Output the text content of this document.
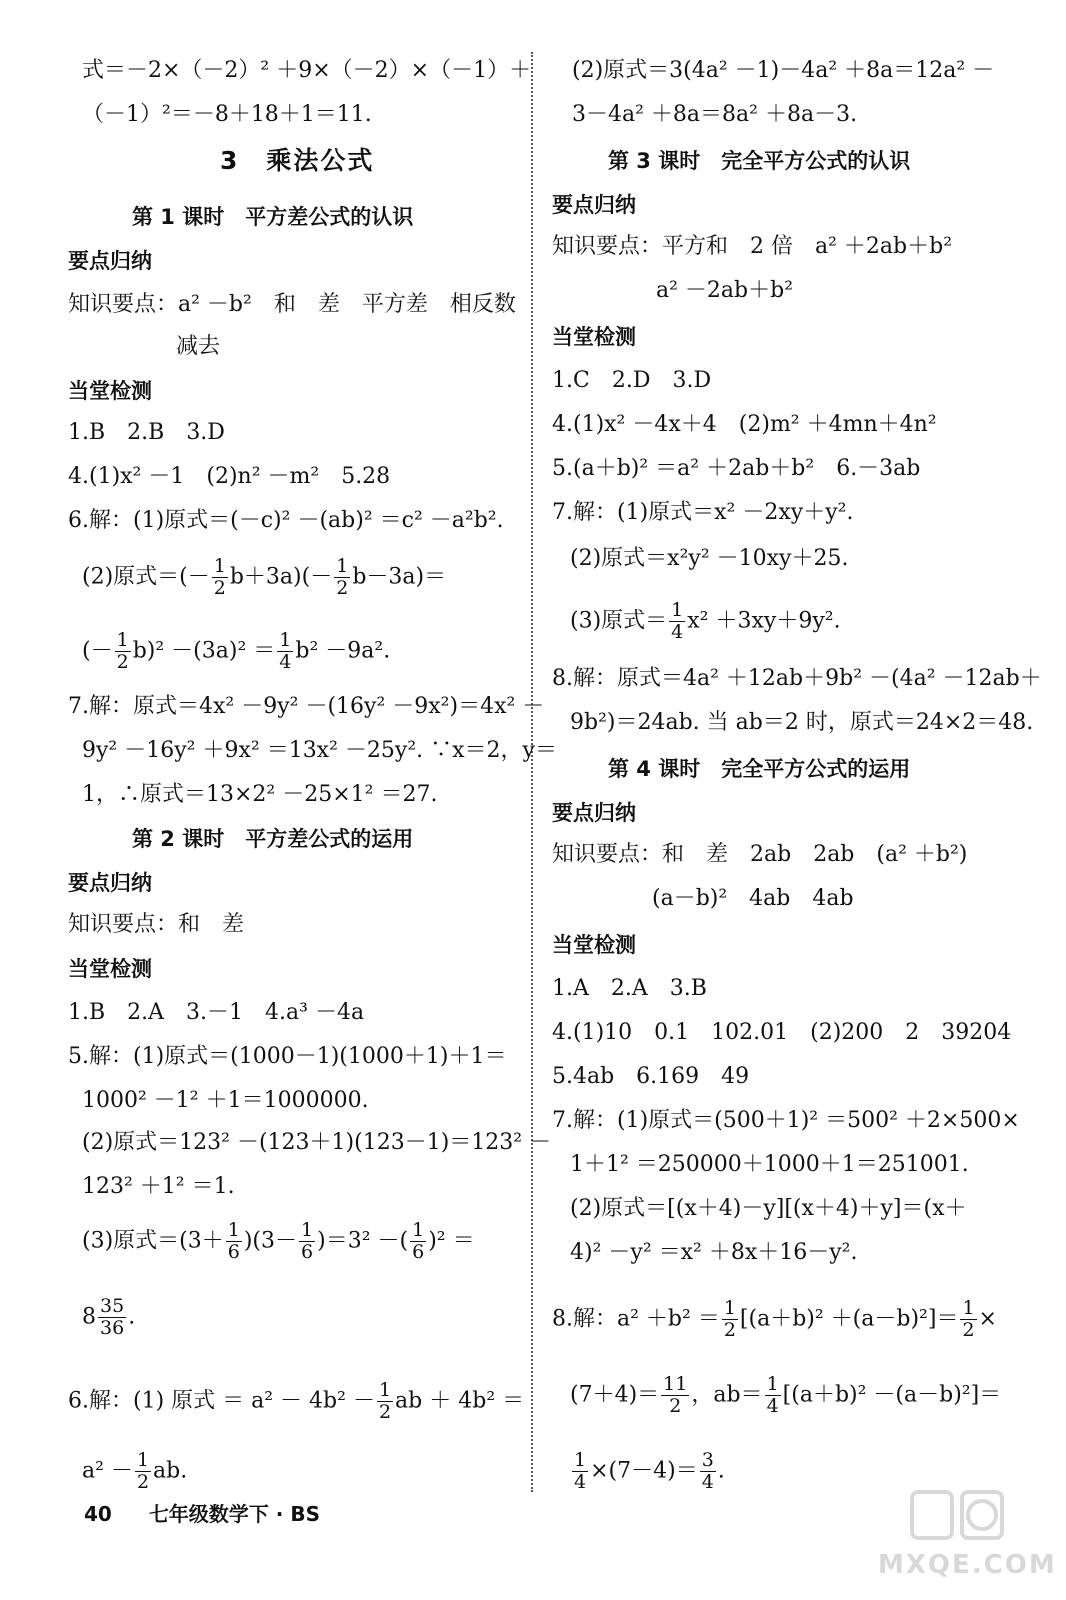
式＝－2×（－2）² ＋9×（－2）×（－1）＋
（－1）²＝－8＋18＋1＝11.
3　乘法公式
第 1 课时　平方差公式的认识
要点归纳
知识要点：a² －b²　和　差　平方差　相反数
减去
当堂检测
1.B　2.B　3.D
4.(1)x² －1　(2)n² －m²　5.28
6.解：(1)原式＝(－c)² －(ab)² ＝c² －a²b².
(2)原式＝(－ $\frac{1}{2} b+3a)(- \frac{1}{2} b-3a)=$
(－ $\frac{1}{2} b)^2 -(3a)^2 = \frac{1}{4} b^2 -9a^2$.
7.解：原式＝4x² －9y² －(16y² －9x²)＝4x² －
9y² －16y² ＋9x² ＝13x² －25y². ∵x＝2，y＝
1，∴原式＝13×2² －25×1² ＝27.
第 2 课时　平方差公式的运用
要点归纳
知识要点：和　差
当堂检测
1.B　2.A　3.－1　4.a³ －4a
5.解：(1)原式＝(1000－1)(1000＋1)＋1＝
1000² －1² ＋1＝1000000.
(2)原式＝123² －(123＋1)(123－1)＝123² －
123² ＋1² ＝1.
(3)原式$=(3+ \frac{1}{6} )(3- \frac{1}{6} )=3^2$ －( $\frac{1}{6} )^2$ ＝
$8 \frac{35}{36}$ .
6.解：(1) 原式 ＝ $a^2 - 4b^2 - \frac{1}{2}$ ab ＋ 4b² ＝
$a^2 - \frac{1}{2}$ ab.
(2)原式＝3(4a² －1)－4a² ＋8a＝12a² －
3－4a² ＋8a＝8a² ＋8a－3.
第 3 课时　完全平方公式的认识
要点归纳
知识要点：平方和　2 倍　a² ＋2ab＋b²
a² －2ab＋b²
当堂检测
1.C　2.D　3.D
4.(1)x² －4x＋4　(2)m² ＋4mn＋4n²
5.(a＋b)² ＝a² ＋2ab＋b²　6.－3ab
7.解：(1)原式＝x² －2xy＋y².
(2)原式＝x²y² －10xy＋25.
(3)原式＝ $\frac{1}{4} x^2 +3xy+9y^2$.
8.解：原式＝4a² ＋12ab＋9b² －(4a² －12ab＋
9b²)＝24ab. 当 ab＝2 时，原式＝24×2＝48.
第 4 课时　完全平方公式的运用
要点归纳
知识要点：和　差　2ab　2ab　(a² ＋b²)
(a－b)²　4ab　4ab
当堂检测
1.A　2.A　3.B
4.(1)10　0.1　102.01　(2)200　2　39204
5.4ab　6.169　49
7.解：(1)原式＝(500＋1)² ＝500² ＋2×500×
1＋1² ＝250000＋1000＋1＝251001.
(2)原式＝[(x＋4)－y][(x＋4)＋y]＝(x＋
4)² －y² ＝x² ＋8x＋16－y².
8.解：$a^2 +b^2 = \frac{1}{2} [(a+b)^2 +(a-b)^2]= \frac{1}{2}$ ×
$(7+4)= \frac{11}{2}$ ，$ab= \frac{1}{4} [(a+b)^2 -(a-b)^2]=$
$\frac{1}{4} \times(7-4)= \frac{3}{4}$ .
40 七年级数学下 · BS
MXQE.COM
